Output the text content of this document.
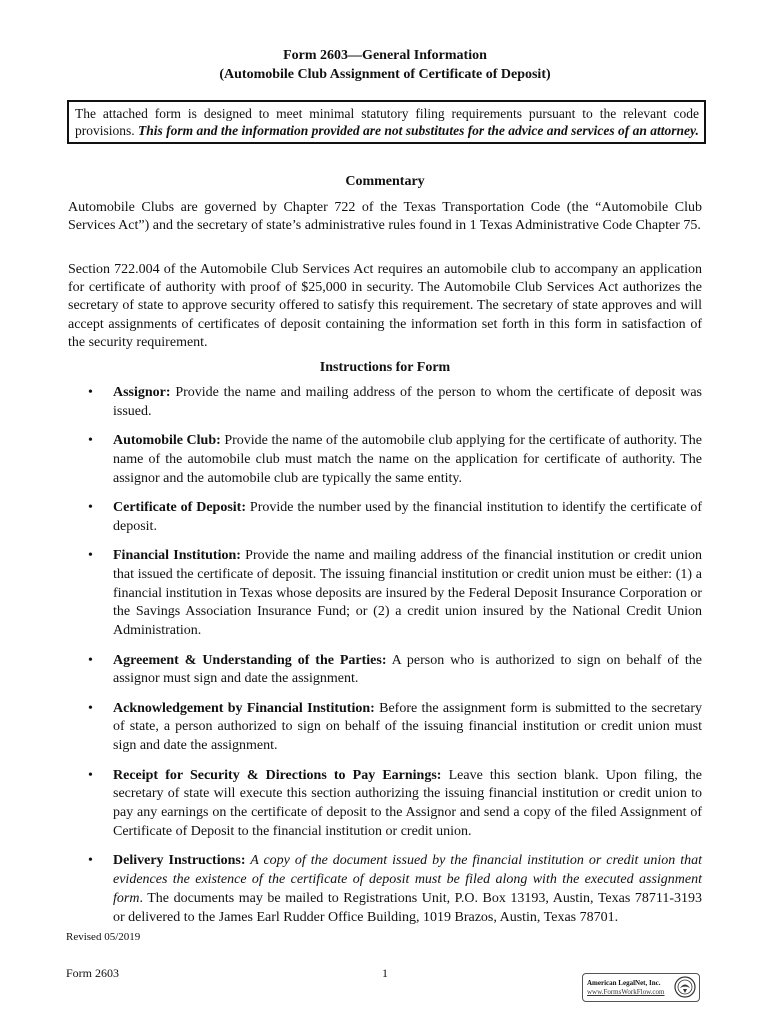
Form 2603—General Information
(Automobile Club Assignment of Certificate of Deposit)
The attached form is designed to meet minimal statutory filing requirements pursuant to the relevant code provisions. This form and the information provided are not substitutes for the advice and services of an attorney.
Commentary

Automobile Clubs are governed by Chapter 722 of the Texas Transportation Code (the “Automobile Club Services Act”) and the secretary of state’s administrative rules found in 1 Texas Administrative Code Chapter 75.

Section 722.004 of the Automobile Club Services Act requires an automobile club to accompany an application for certificate of authority with proof of $25,000 in security. The Automobile Club Services Act authorizes the secretary of state to approve security offered to satisfy this requirement. The secretary of state approves and will accept assignments of certificates of deposit containing the information set forth in this form in satisfaction of the security requirement.

Instructions for Form
• Assignor: Provide the name and mailing address of the person to whom the certificate of deposit was issued.
• Automobile Club: Provide the name of the automobile club applying for the certificate of authority. The name of the automobile club must match the name on the application for certificate of authority. The assignor and the automobile club are typically the same entity.
• Certificate of Deposit: Provide the number used by the financial institution to identify the certificate of deposit.
• Financial Institution: Provide the name and mailing address of the financial institution or credit union that issued the certificate of deposit. The issuing financial institution or credit union must be either: (1) a financial institution in Texas whose deposits are insured by the Federal Deposit Insurance Corporation or the Savings Association Insurance Fund; or (2) a credit union insured by the National Credit Union Administration.
• Agreement & Understanding of the Parties: A person who is authorized to sign on behalf of the assignor must sign and date the assignment.
• Acknowledgement by Financial Institution: Before the assignment form is submitted to the secretary of state, a person authorized to sign on behalf of the issuing financial institution or credit union must sign and date the assignment.
• Receipt for Security & Directions to Pay Earnings: Leave this section blank. Upon filing, the secretary of state will execute this section authorizing the issuing financial institution or credit union to pay any earnings on the certificate of deposit to the Assignor and send a copy of the filed Assignment of Certificate of Deposit to the financial institution or credit union.
• Delivery Instructions: A copy of the document issued by the financial institution or credit union that evidences the existence of the certificate of deposit must be filed along with the executed assignment form. The documents may be mailed to Registrations Unit, P.O. Box 13193, Austin, Texas 78711-3193 or delivered to the James Earl Rudder Office Building, 1019 Brazos, Austin, Texas 78701.
Revised 05/2019
Form 2603	1
American LegalNet, Inc.
www.FormsWorkFlow.com
